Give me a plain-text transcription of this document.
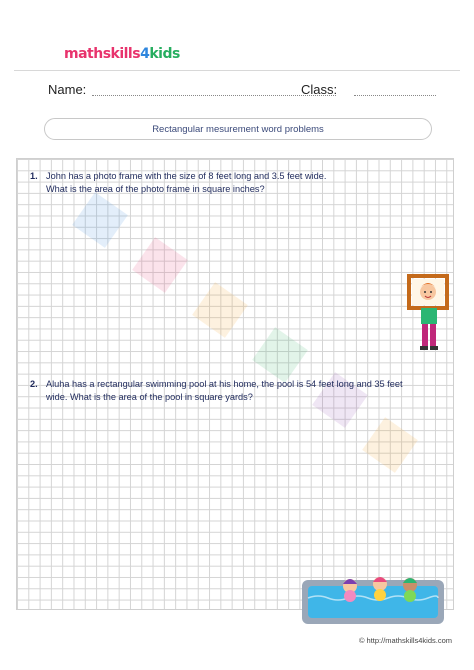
mathskills4kids
Name:	Class:
Rectangular mesurement word problems
1. John has a photo frame with the size of 8 feet long and 3.5 feet wide.
What is the area of the photo frame in square inches?
2. Aluha has a rectangular swimming pool at his home, the pool is 54 feet long and 35 feet
wide. What is the area of the pool in square yards?
© http://mathskills4kids.com
